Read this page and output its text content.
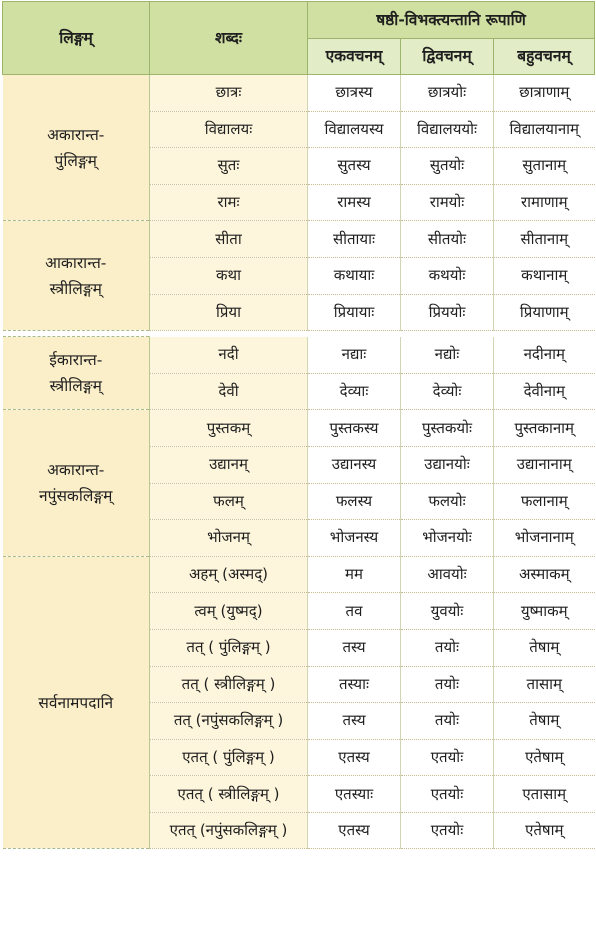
लिङ्गम्	शब्दः	षष्ठी-विभक्त्यन्तानि रूपाणि		
		एकवचनम्	द्विवचनम्	बहुवचनम्

अकारान्त-
पुंलिङ्गम्	छात्रः	छात्रस्य	छात्रयोः	छात्राणाम्
	विद्यालयः	विद्यालयस्य	विद्यालययोः	विद्यालयानाम्
	सुतः	सुतस्य	सुतयोः	सुतानाम्
	रामः	रामस्य	रामयोः	रामाणाम्

आकारान्त-
स्त्रीलिङ्गम्	सीता	सीतायाः	सीतयोः	सीतानाम्
	कथा	कथायाः	कथयोः	कथानाम्
	प्रिया	प्रियायाः	प्रिययोः	प्रियाणाम्

ईकारान्त-
स्त्रीलिङ्गम्	नदी	नद्याः	नद्योः	नदीनाम्
	देवी	देव्याः	देव्योः	देवीनाम्

अकारान्त-
नपुंसकलिङ्गम्	पुस्तकम्	पुस्तकस्य	पुस्तकयोः	पुस्तकानाम्
	उद्यानम्	उद्यानस्य	उद्यानयोः	उद्यानानाम्
	फलम्	फलस्य	फलयोः	फलानाम्
	भोजनम्	भोजनस्य	भोजनयोः	भोजनानाम्

सर्वनामपदानि	अहम् (अस्मद्)	मम	आवयोः	अस्माकम्
	त्वम् (युष्मद्)	तव	युवयोः	युष्माकम्
	तत् ( पुंलिङ्गम् )	तस्य	तयोः	तेषाम्
	तत् ( स्त्रीलिङ्गम् )	तस्याः	तयोः	तासाम्
	तत् (नपुंसकलिङ्गम् )	तस्य	तयोः	तेषाम्
	एतत् ( पुंलिङ्गम् )	एतस्य	एतयोः	एतेषाम्
	एतत् ( स्त्रीलिङ्गम् )	एतस्याः	एतयोः	एतासाम्
	एतत् (नपुंसकलिङ्गम् )	एतस्य	एतयोः	एतेषाम्
